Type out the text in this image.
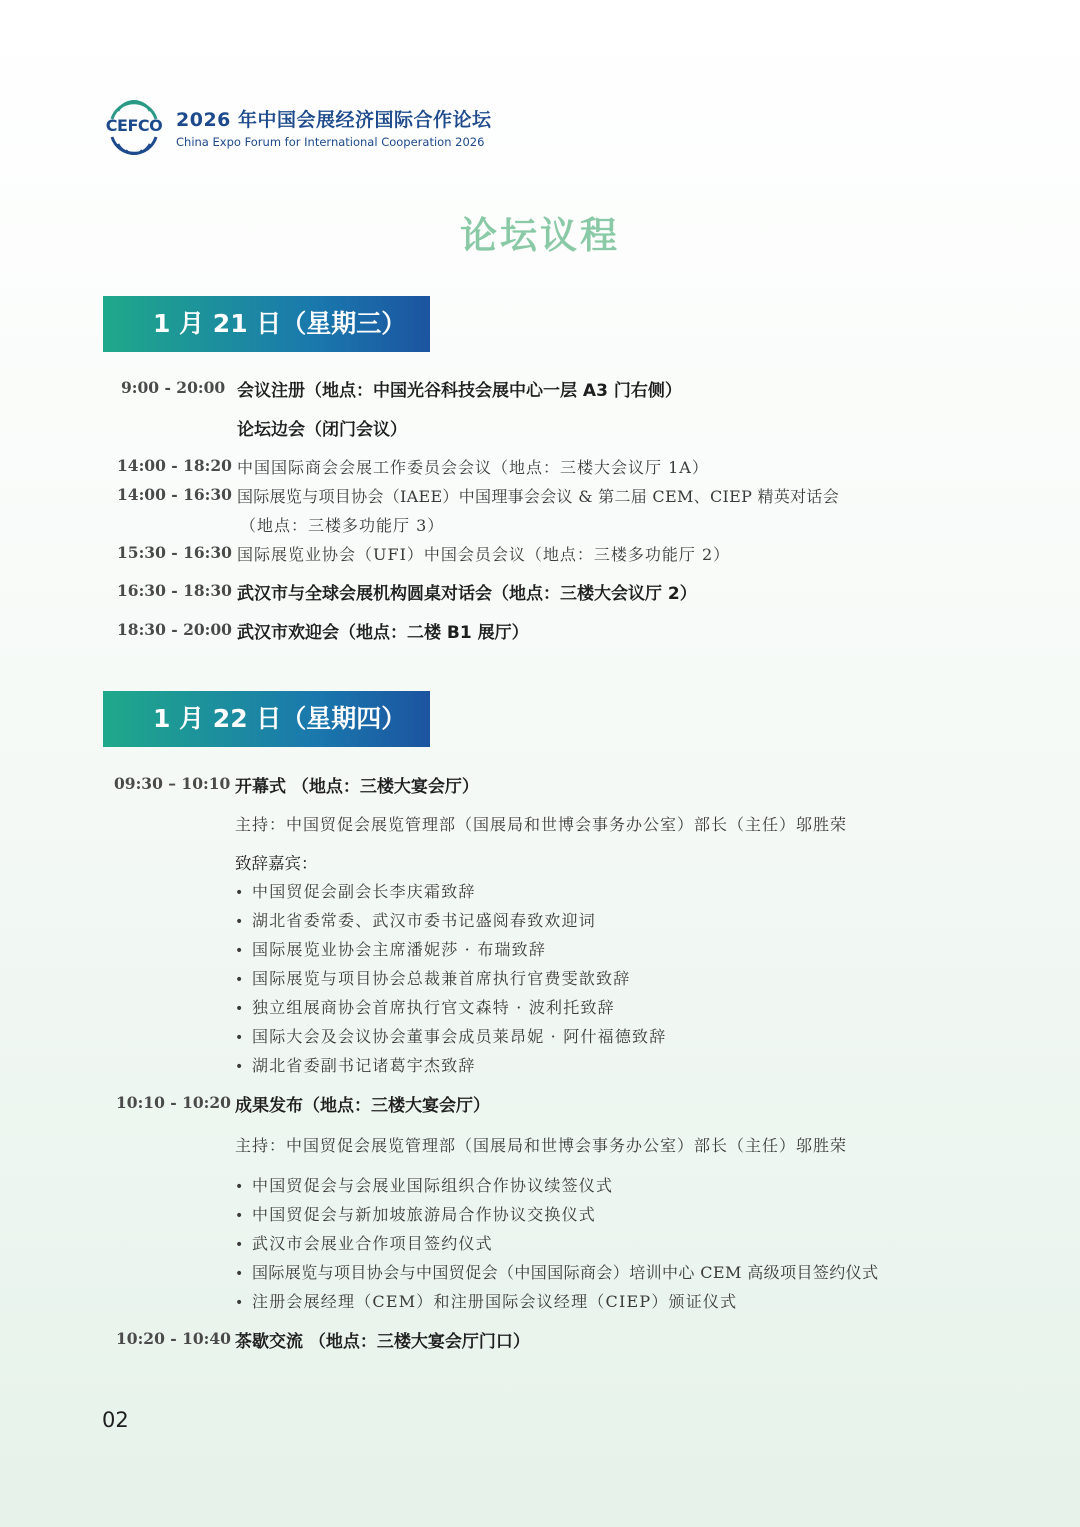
CEFCO 2026 年中国会展经济国际合作论坛
China Expo Forum for International Cooperation 2026
论坛议程
1 月 21 日（星期三）
9:00 - 20:00 会议注册（地点：中国光谷科技会展中心一层 A3 门右侧）
论坛边会（闭门会议）
14:00 - 18:20 中国国际商会会展工作委员会会议（地点：三楼大会议厅 1A）
14:00 - 16:30 国际展览与项目协会（IAEE）中国理事会会议 & 第二届 CEM、CIEP 精英对话会
（地点：三楼多功能厅 3）
15:30 - 16:30 国际展览业协会（UFI）中国会员会议（地点：三楼多功能厅 2）
16:30 - 18:30 武汉市与全球会展机构圆桌对话会（地点：三楼大会议厅 2）
18:30 - 20:00 武汉市欢迎会（地点：二楼 B1 展厅）
1 月 22 日（星期四）
09:30 – 10:10 开幕式 （地点：三楼大宴会厅）
主持：中国贸促会展览管理部（国展局和世博会事务办公室）部长（主任）邬胜荣
致辞嘉宾：
• 中国贸促会副会长李庆霜致辞
• 湖北省委常委、武汉市委书记盛阅春致欢迎词
• 国际展览业协会主席潘妮莎 · 布瑞致辞
• 国际展览与项目协会总裁兼首席执行官费雯歆致辞
• 独立组展商协会首席执行官文森特 · 波利托致辞
• 国际大会及会议协会董事会成员莱昂妮 · 阿什福德致辞
• 湖北省委副书记诸葛宇杰致辞
10:10 - 10:20 成果发布（地点：三楼大宴会厅）
主持：中国贸促会展览管理部（国展局和世博会事务办公室）部长（主任）邬胜荣
• 中国贸促会与会展业国际组织合作协议续签仪式
• 中国贸促会与新加坡旅游局合作协议交换仪式
• 武汉市会展业合作项目签约仪式
• 国际展览与项目协会与中国贸促会（中国国际商会）培训中心 CEM 高级项目签约仪式
• 注册会展经理（CEM）和注册国际会议经理（CIEP）颁证仪式
10:20 - 10:40 茶歇交流 （地点：三楼大宴会厅门口）
02
